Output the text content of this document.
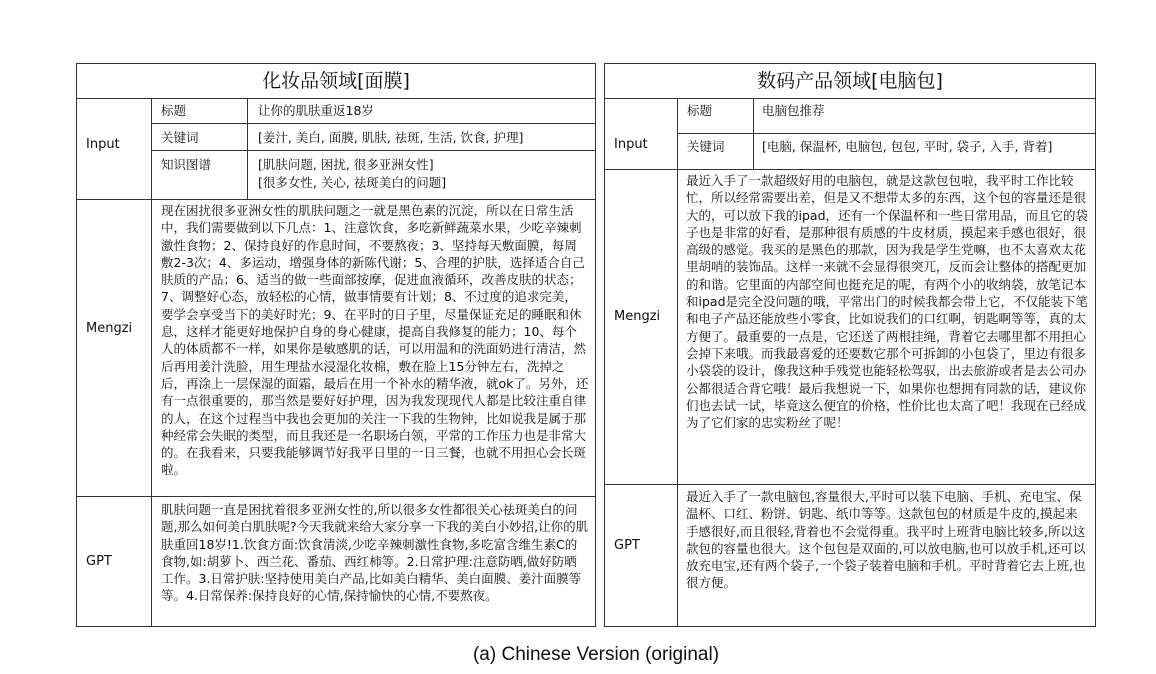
化妆品领域[面膜]
Input
标题	让你的肌肤重返18岁
关键词	[姜汁, 美白, 面膜, 肌肤, 祛斑, 生活, 饮食, 护理]
知识图谱	[肌肤问题, 困扰, 很多亚洲女性]
[很多女性, 关心, 祛斑美白的问题]
Mengzi
现在困扰很多亚洲女性的肌肤问题之一就是黑色素的沉淀，所以在日常生活中，我们需要做到以下几点：1、注意饮食，多吃新鲜蔬菜水果，少吃辛辣刺激性食物；2、保持良好的作息时间，不要熬夜；3、坚持每天敷面膜，每周敷2-3次；4、多运动，增强身体的新陈代谢；5、合理的护肤，选择适合自己肤质的产品；6、适当的做一些面部按摩，促进血液循环，改善皮肤的状态；7、调整好心态，放轻松的心情，做事情要有计划；8、不过度的追求完美，要学会享受当下的美好时光；9、在平时的日子里，尽量保证充足的睡眠和休息，这样才能更好地保护自身的身心健康，提高自我修复的能力；10、每个人的体质都不一样，如果你是敏感肌的话，可以用温和的洗面奶进行清洁，然后再用姜汁洗脸，用生理盐水浸湿化妆棉，敷在脸上15分钟左右，洗掉之后，再涂上一层保湿的面霜，最后在用一个补水的精华液，就ok了。另外，还有一点很重要的，那当然是要好好护理，因为我发现现代人都是比较注重自律的人，在这个过程当中我也会更加的关注一下我的生物钟，比如说我是属于那种经常会失眠的类型，而且我还是一名职场白领，平常的工作压力也是非常大的。在我看来，只要我能够调节好我平日里的一日三餐，也就不用担心会长斑啦。
GPT
肌肤问题一直是困扰着很多亚洲女性的,所以很多女性都很关心祛斑美白的问题,那么如何美白肌肤呢?今天我就来给大家分享一下我的美白小妙招,让你的肌肤重回18岁!1.饮食方面:饮食清淡,少吃辛辣刺激性食物,多吃富含维生素C的食物,如:胡萝卜、西兰花、番茄、西红柿等。2.日常护理:注意防晒,做好防晒工作。3.日常护肤:坚持使用美白产品,比如美白精华、美白面膜、姜汁面膜等等。4.日常保养:保持良好的心情,保持愉快的心情,不要熬夜。
数码产品领域[电脑包]
Input
标题	电脑包推荐
关键词	[电脑, 保温杯, 电脑包, 包包, 平时, 袋子, 入手, 背着]
Mengzi
最近入手了一款超级好用的电脑包，就是这款包包啦，我平时工作比较忙，所以经常需要出差，但是又不想带太多的东西，这个包的容量还是很大的，可以放下我的ipad，还有一个保温杯和一些日常用品，而且它的袋子也是非常的好看，是那种很有质感的牛皮材质，摸起来手感也很好，很高级的感觉。我买的是黑色的那款，因为我是学生党嘛，也不太喜欢太花里胡哨的装饰品。这样一来就不会显得很突兀，反而会让整体的搭配更加的和谐。它里面的内部空间也挺充足的呢，有两个小的收纳袋，放笔记本和ipad是完全没问题的哦，平常出门的时候我都会带上它，不仅能装下笔和电子产品还能放些小零食，比如说我们的口红啊，钥匙啊等等，真的太方便了。最重要的一点是，它还送了两根挂绳，背着它去哪里都不用担心会掉下来哦。而我最喜爱的还要数它那个可拆卸的小包袋了，里边有很多小袋袋的设计，像我这种手残党也能轻松驾驭，出去旅游或者是去公司办公都很适合背它哦！最后我想说一下，如果你也想拥有同款的话，建议你们也去试一试，毕竟这么便宜的价格，性价比也太高了吧！我现在已经成为了它们家的忠实粉丝了呢！
GPT
最近入手了一款电脑包,容量很大,平时可以装下电脑、手机、充电宝、保温杯、口红、粉饼、钥匙、纸巾等等。这款包包的材质是牛皮的,摸起来手感很好,而且很轻,背着也不会觉得重。我平时上班背电脑比较多,所以这款包的容量也很大。这个包包是双面的,可以放电脑,也可以放手机,还可以放充电宝,还有两个袋子,一个袋子装着电脑和手机。平时背着它去上班,也很方便。
(a) Chinese Version (original)
